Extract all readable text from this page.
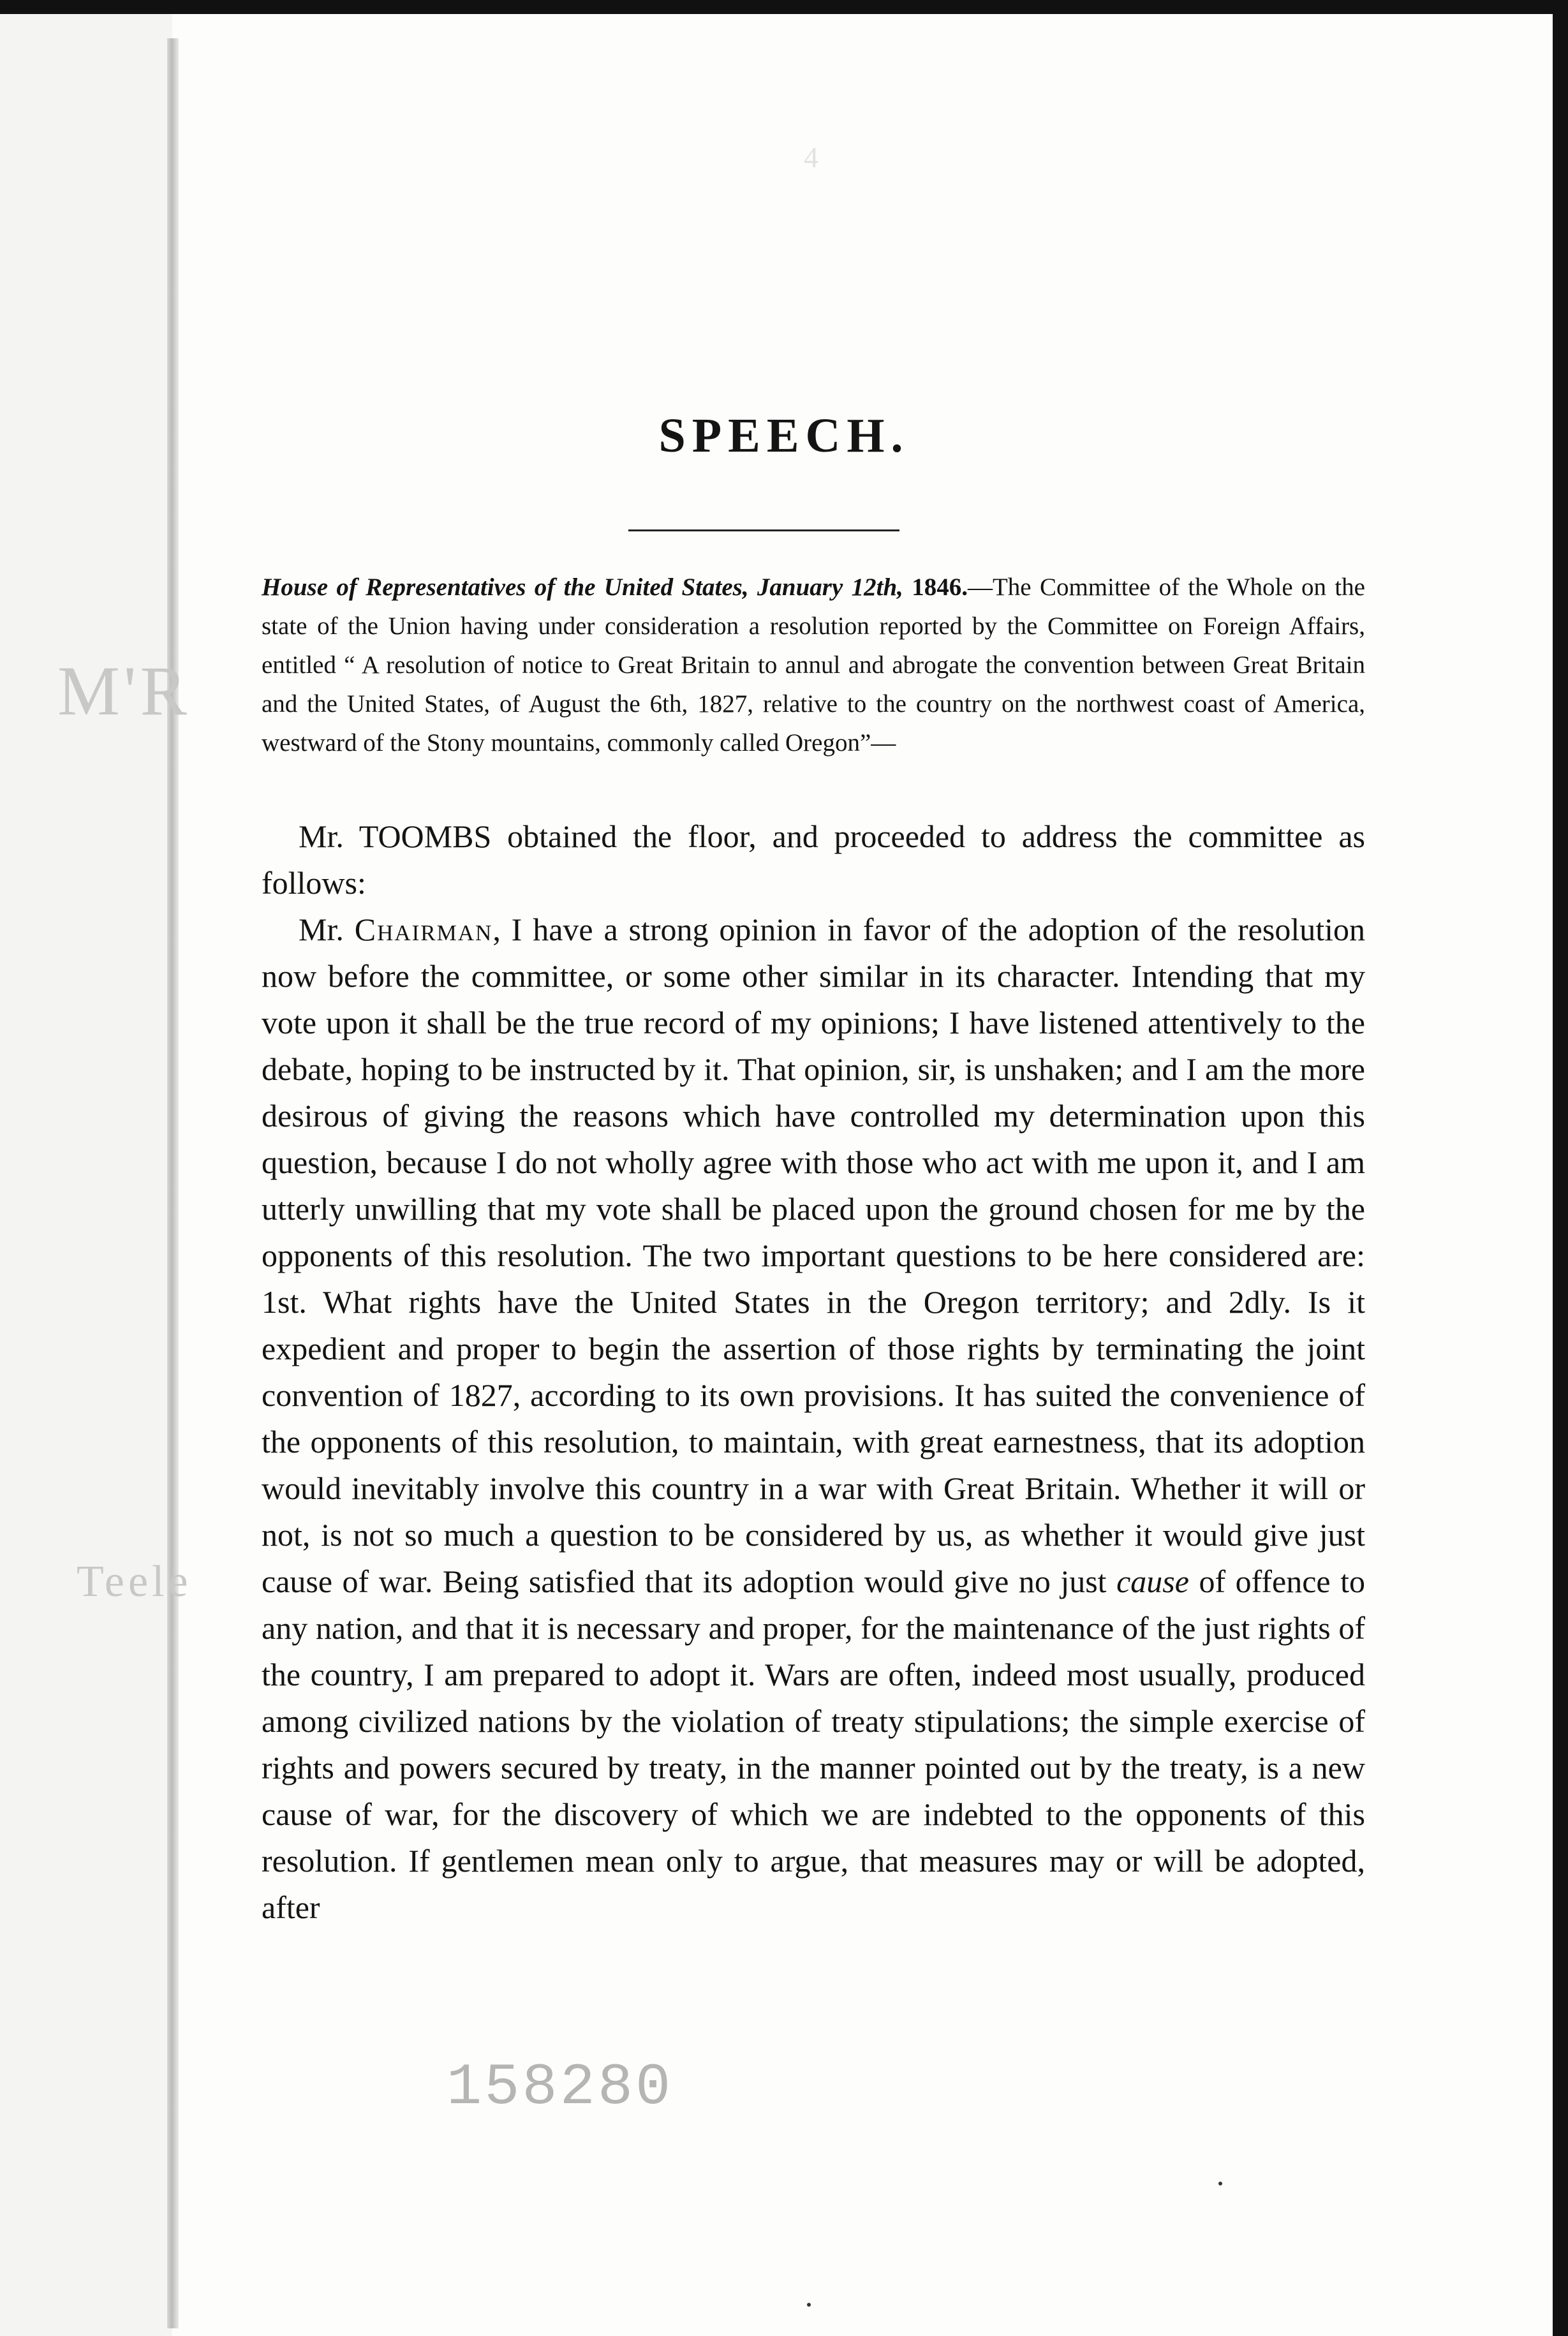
M'R
Teele
4
SPEECH.
House of Representatives of the United States, January 12th, 1846.—The Committee of the Whole on the state of the Union having under consideration a resolution reported by the Committee on Foreign Affairs, entitled “ A resolution of notice to Great Britain to annul and abrogate the convention between Great Britain and the United States, of August the 6th, 1827, relative to the country on the northwest coast of America, westward of the Stony mountains, commonly called Oregon”—

Mr. TOOMBS obtained the floor, and proceeded to address the committee as follows:

Mr. Chairman, I have a strong opinion in favor of the adoption of the resolution now before the committee, or some other similar in its character. Intending that my vote upon it shall be the true record of my opinions; I have listened attentively to the debate, hoping to be instructed by it. That opinion, sir, is unshaken; and I am the more desirous of giving the reasons which have controlled my determination upon this question, because I do not wholly agree with those who act with me upon it, and I am utterly unwilling that my vote shall be placed upon the ground chosen for me by the opponents of this resolution. The two important questions to be here considered are: 1st. What rights have the United States in the Oregon territory; and 2dly. Is it expedient and proper to begin the assertion of those rights by terminating the joint convention of 1827, according to its own provisions. It has suited the convenience of the opponents of this resolution, to maintain, with great earnestness, that its adoption would inevitably involve this country in a war with Great Britain. Whether it will or not, is not so much a question to be considered by us, as whether it would give just cause of war. Being satisfied that its adoption would give no just cause of offence to any nation, and that it is necessary and proper, for the maintenance of the just rights of the country, I am prepared to adopt it. Wars are often, indeed most usually, produced among civilized nations by the violation of treaty stipulations; the simple exercise of rights and powers secured by treaty, in the manner pointed out by the treaty, is a new cause of war, for the discovery of which we are indebted to the opponents of this resolution. If gentlemen mean only to argue, that measures may or will be adopted, after

158280
